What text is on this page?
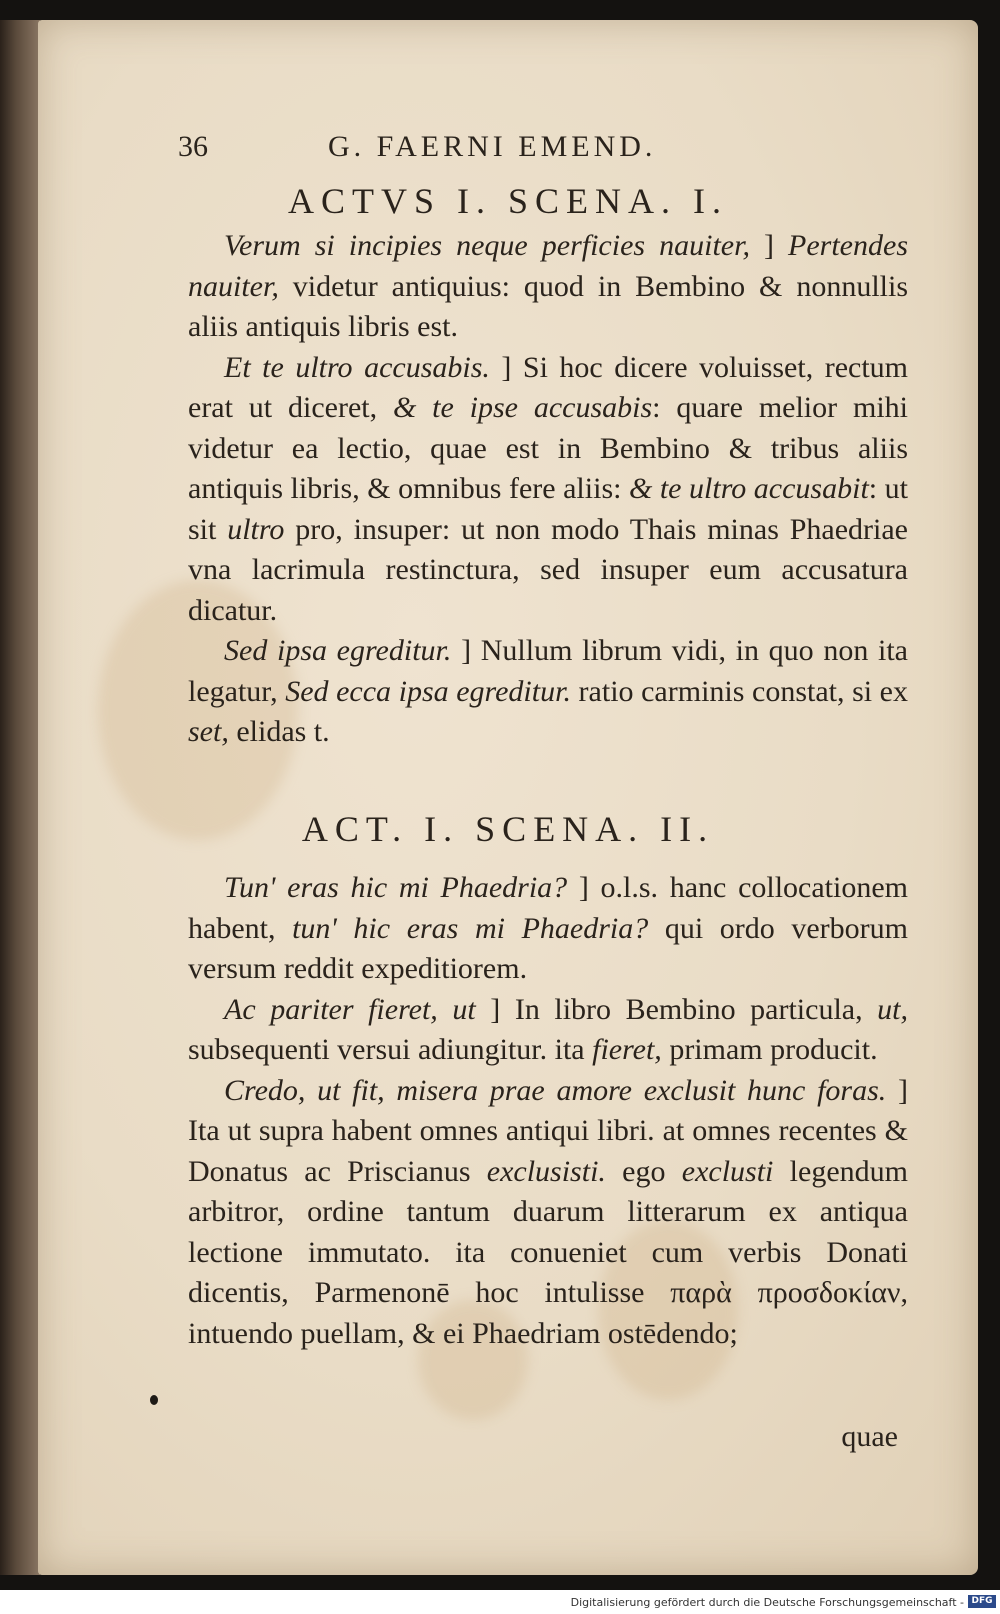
36	G. FAERNI EMEND.
ACTVS I. SCENA. I.

Verum si incipies neque perficies nauiter, ] Pertendes nauiter, videtur antiquius: quod in Bembino & nonnullis aliis antiquis libris est.

Et te ultro accusabis. ] Si hoc dicere voluisset, rectum erat ut diceret, & te ipse accusabis: quare melior mihi videtur ea lectio, quae est in Bembino & tribus aliis antiquis libris, & omnibus fere aliis: & te ultro accusabit: ut sit ultro pro, insuper: ut non modo Thais minas Phaedriae vna lacrimula restinctura, sed insuper eum accusatura dicatur.

Sed ipsa egreditur. ] Nullum librum vidi, in quo non ita legatur, Sed ecca ipsa egreditur. ratio carminis constat, si ex set, elidas t.

ACT. I. SCENA. II.

Tun' eras hic mi Phaedria? ] o.l.s. hanc collocationem habent, tun' hic eras mi Phaedria? qui ordo verborum versum reddit expeditiorem.

Ac pariter fieret, ut ] In libro Bembino particula, ut, subsequenti versui adiungitur. ita fieret, primam producit.

Credo, ut fit, misera prae amore exclusit hunc foras. ] Ita ut supra habent omnes antiqui libri. at omnes recentes & Donatus ac Priscianus exclusisti. ego exclusti legendum arbitror, ordine tantum duarum litterarum ex antiqua lectione immutato. ita conueniet cum verbis Donati dicentis, Parmenonē hoc intulisse παρὰ προσδοκίαν, intuendo puellam, & ei Phaedriam ostēdendo;

quae
Digitalisierung gefördert durch die Deutsche Forschungsgemeinschaft - DFG
